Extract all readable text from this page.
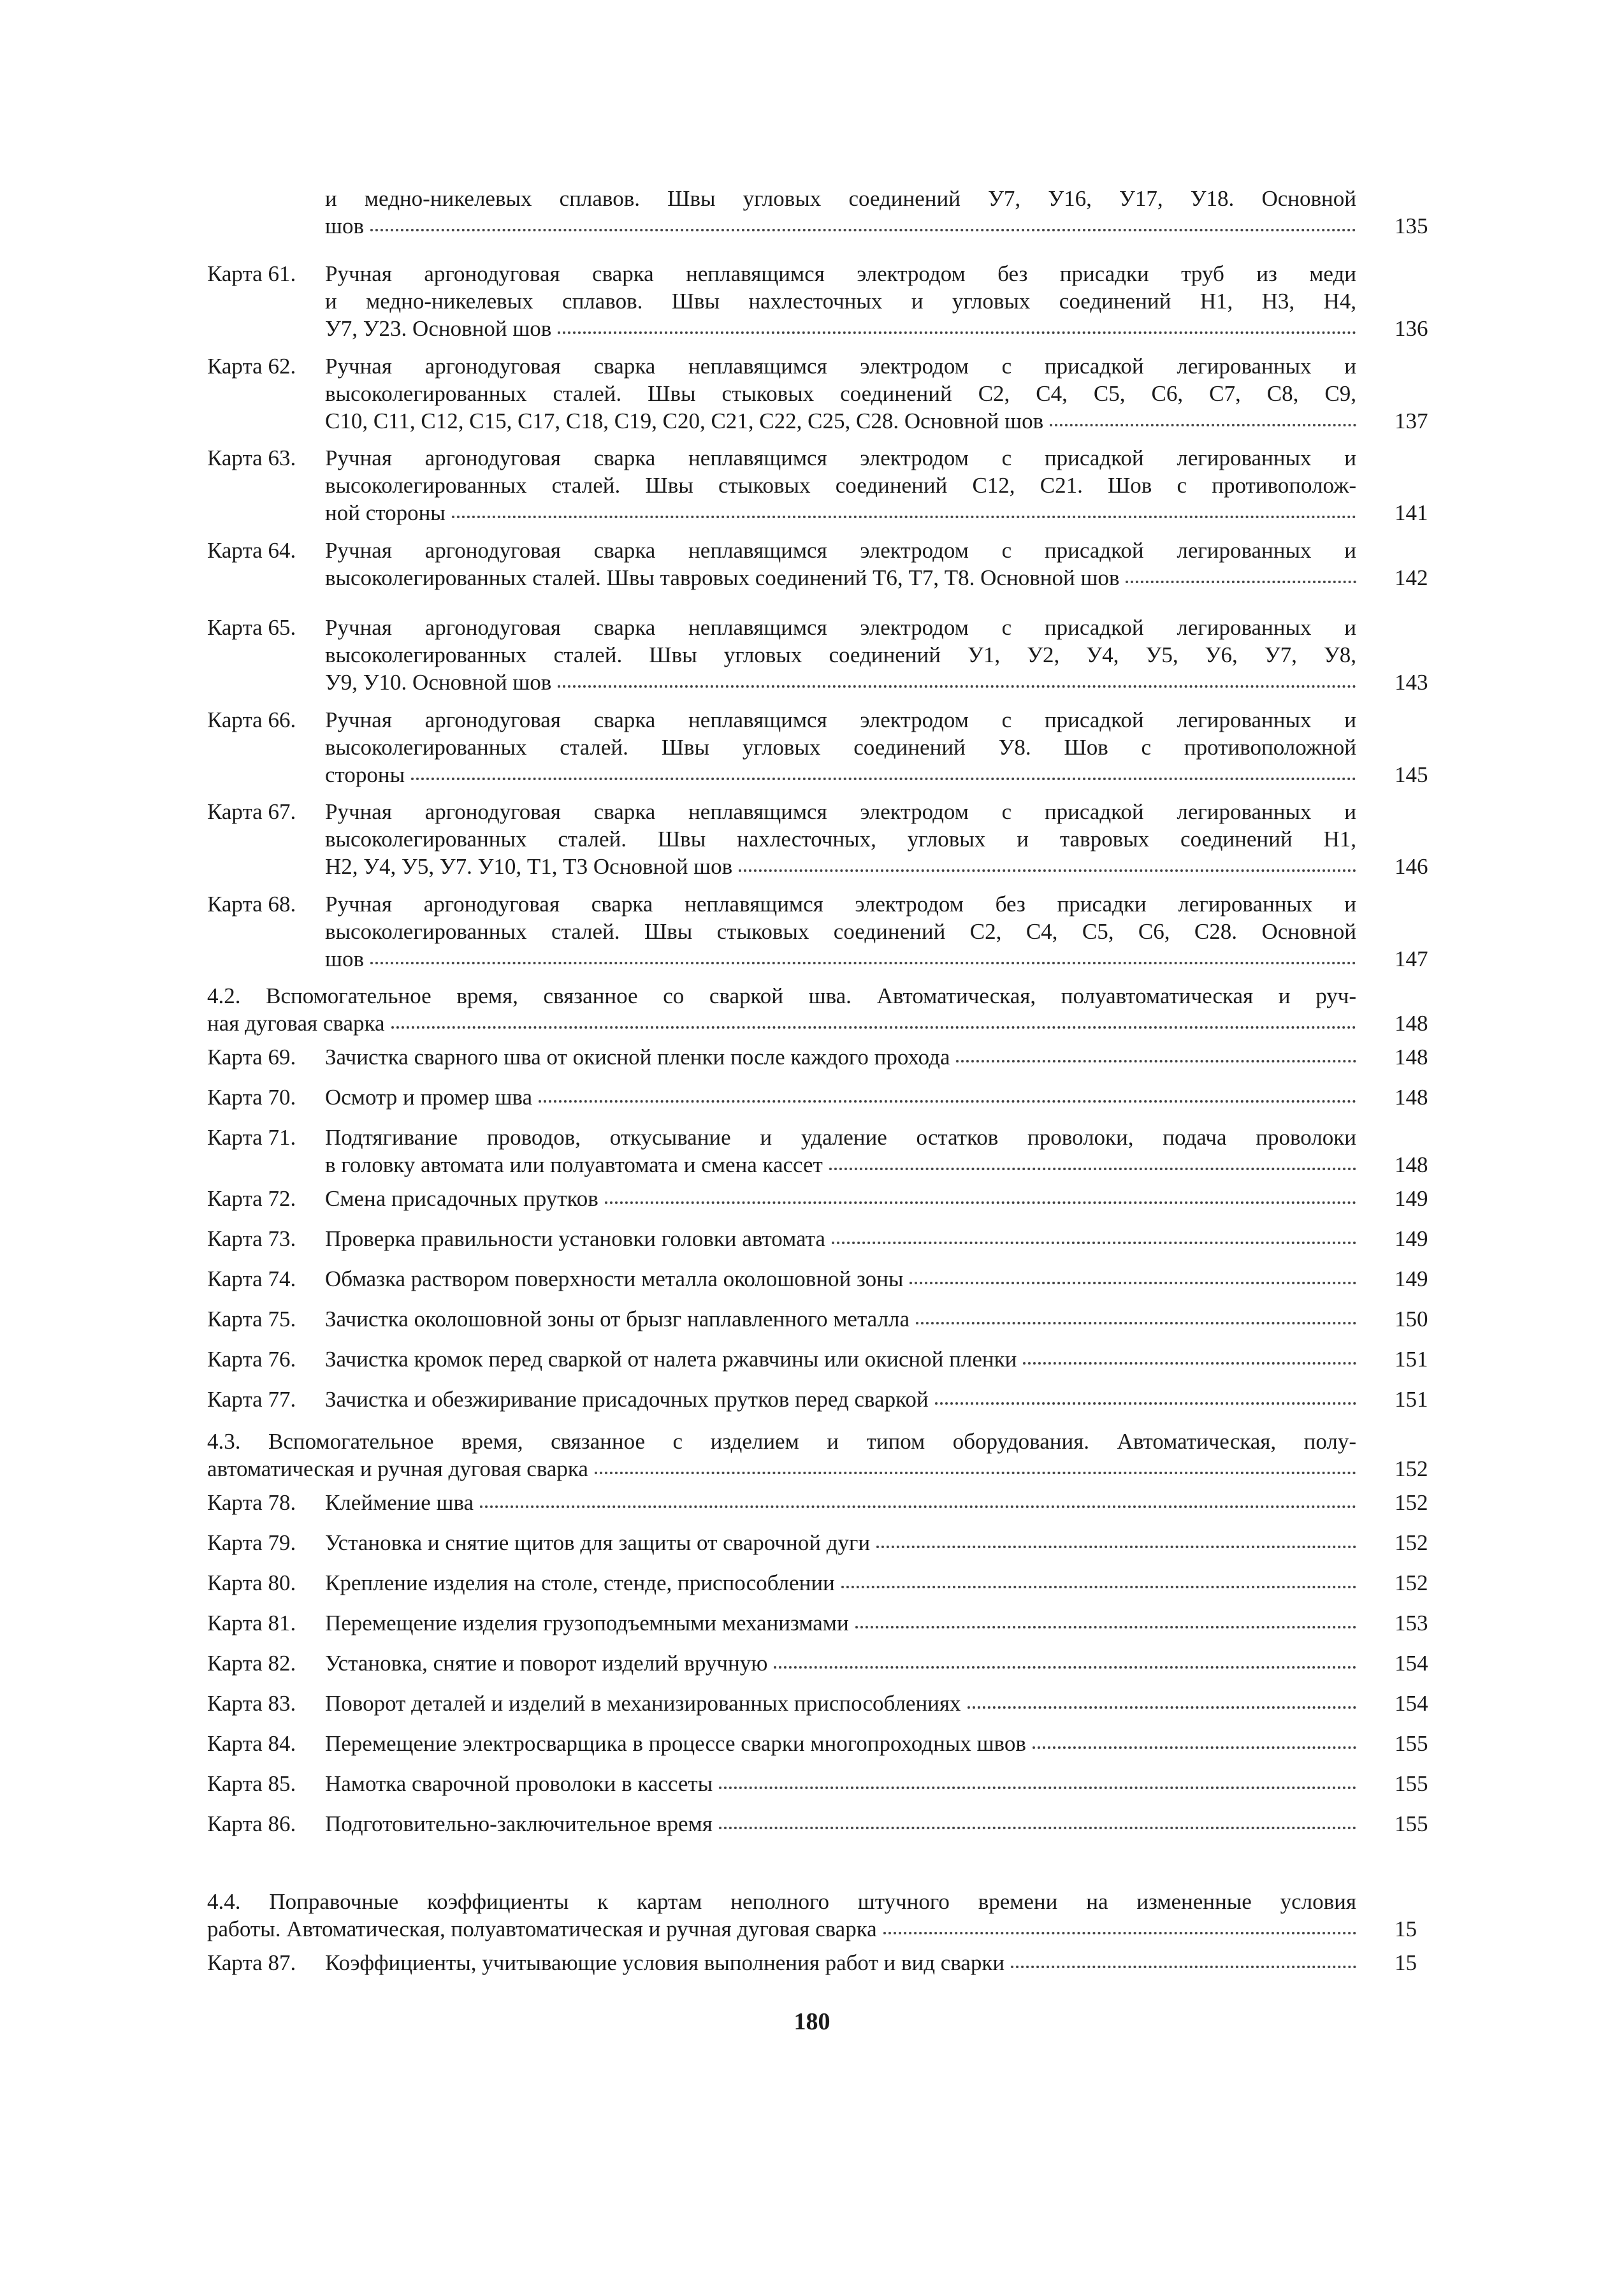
и медно-никелевых сплавов. Швы угловых соединений У7, У16, У17, У18. Основной
шов	135
Карта 61. Ручная аргонодуговая сварка неплавящимся электродом без присадки труб из меди
и медно-никелевых сплавов. Швы нахлесточных и угловых соединений Н1, Н3, Н4,
У7, У23. Основной шов	136
Карта 62. Ручная аргонодуговая сварка неплавящимся электродом с присадкой легированных и
высоколегированных сталей. Швы стыковых соединений С2, С4, С5, С6, С7, С8, С9,
С10, С11, С12, С15, С17, С18, С19, С20, С21, С22, С25, С28. Основной шов	137
Карта 63. Ручная аргонодуговая сварка неплавящимся электродом с присадкой легированных и
высоколегированных сталей. Швы стыковых соединений С12, С21. Шов с противополож-
ной стороны	141
Карта 64. Ручная аргонодуговая сварка неплавящимся электродом с присадкой легированных и
высоколегированных сталей. Швы тавровых соединений Т6, Т7, Т8. Основной шов	142
Карта 65. Ручная аргонодуговая сварка неплавящимся электродом с присадкой легированных и
высоколегированных сталей. Швы угловых соединений У1, У2, У4, У5, У6, У7, У8,
У9, У10. Основной шов	143
Карта 66. Ручная аргонодуговая сварка неплавящимся электродом с присадкой легированных и
высоколегированных сталей. Швы угловых соединений У8. Шов с противоположной
стороны	145
Карта 67. Ручная аргонодуговая сварка неплавящимся электродом с присадкой легированных и
высоколегированных сталей. Швы нахлесточных, угловых и тавровых соединений Н1,
Н2, У4, У5, У7. У10, Т1, Т3 Основной шов	146
Карта 68. Ручная аргонодуговая сварка неплавящимся электродом без присадки легированных и
высоколегированных сталей. Швы стыковых соединений С2, С4, С5, С6, С28. Основной
шов	147
4.2. Вспомогательное время, связанное со сваркой шва. Автоматическая, полуавтоматическая и руч-
ная дуговая сварка	148
Карта 69. Зачистка сварного шва от окисной пленки после каждого прохода	148
Карта 70. Осмотр и промер шва	148
Карта 71. Подтягивание проводов, откусывание и удаление остатков проволоки, подача проволоки
в головку автомата или полуавтомата и смена кассет	148
Карта 72. Смена присадочных прутков	149
Карта 73. Проверка правильности установки головки автомата	149
Карта 74. Обмазка раствором поверхности металла околошовной зоны	149
Карта 75. Зачистка околошовной зоны от брызг наплавленного металла	150
Карта 76. Зачистка кромок перед сваркой от налета ржавчины или окисной пленки	151
Карта 77. Зачистка и обезжиривание присадочных прутков перед сваркой	151
4.3. Вспомогательное время, связанное с изделием и типом оборудования. Автоматическая, полу-
автоматическая и ручная дуговая сварка	152
Карта 78. Клеймение шва	152
Карта 79. Установка и снятие щитов для защиты от сварочной дуги	152
Карта 80. Крепление изделия на столе, стенде, приспособлении	152
Карта 81. Перемещение изделия грузоподъемными механизмами	153
Карта 82. Установка, снятие и поворот изделий вручную	154
Карта 83. Поворот деталей и изделий в механизированных приспособлениях	154
Карта 84. Перемещение электросварщика в процессе сварки многопроходных швов	155
Карта 85. Намотка сварочной проволоки в кассеты	155
Карта 86. Подготовительно-заключительное время	155
4.4. Поправочные коэффициенты к картам неполного штучного времени на измененные условия
работы. Автоматическая, полуавтоматическая и ручная дуговая сварка	15
Карта 87. Коэффициенты, учитывающие условия выполнения работ и вид сварки	15
180
